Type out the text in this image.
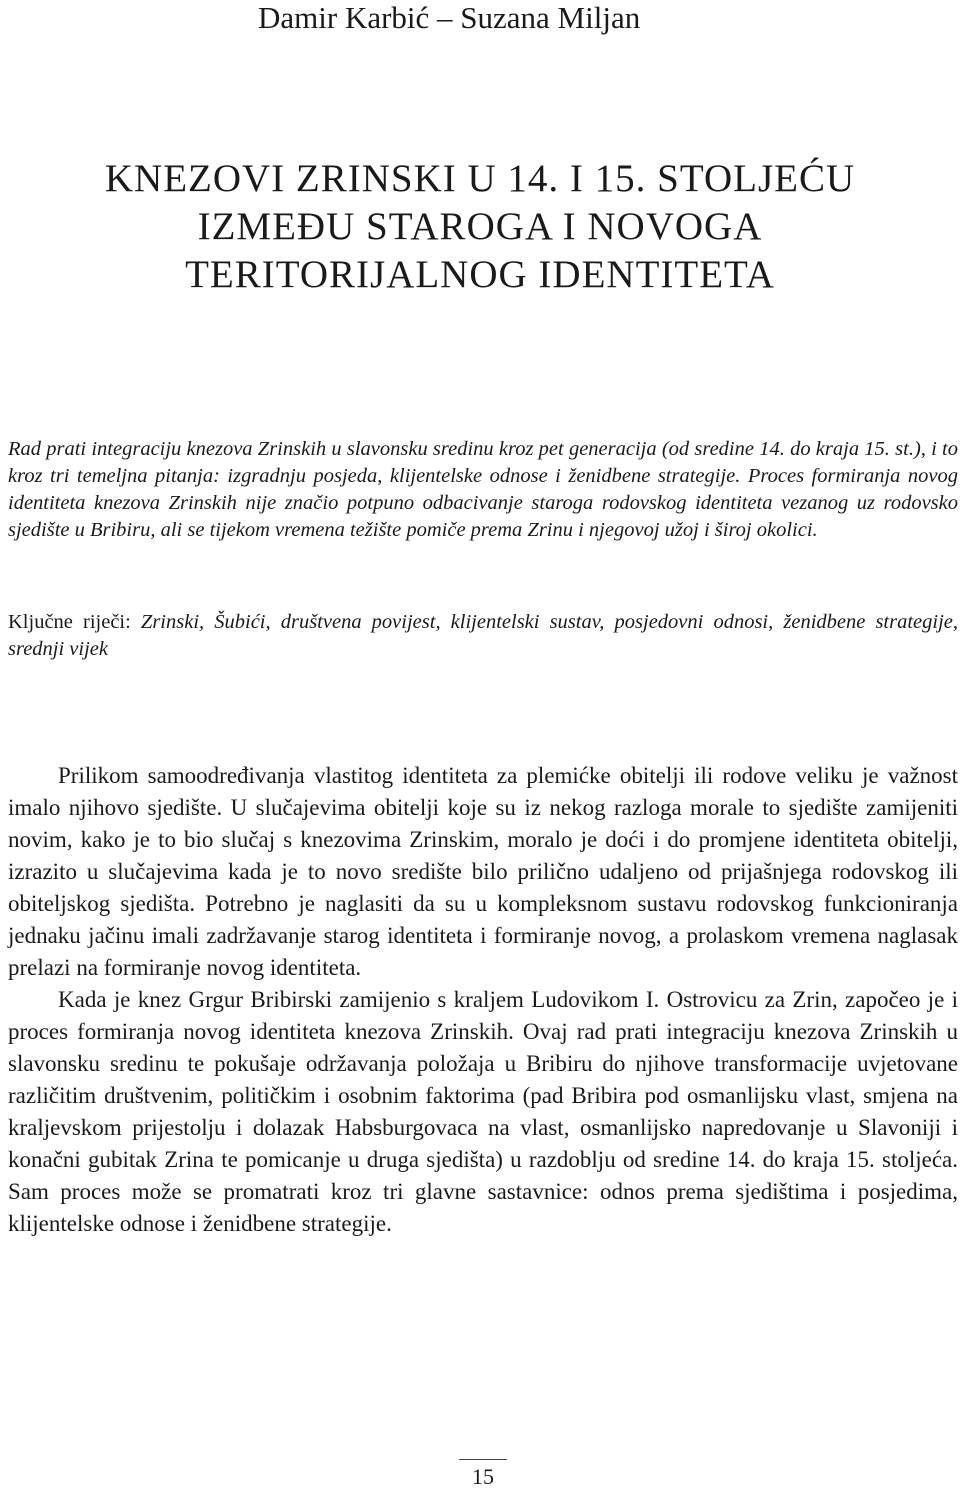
Damir Karbić – Suzana Miljan
KNEZOVI ZRINSKI U 14. I 15. STOLJEĆU
IZMEĐU STAROGA I NOVOGA
TERITORIJALNOG IDENTITETA

Rad prati integraciju knezova Zrinskih u slavonsku sredinu kroz pet generacija (od sredine 14. do kraja 15. st.), i to kroz tri temeljna pitanja: izgradnju posjeda, klijentelske odnose i ženidbene strategije. Proces formiranja novog identiteta knezova Zrinskih nije značio potpuno odbacivanje staroga rodovskog identiteta vezanog uz rodovsko sjedište u Bribiru, ali se tijekom vremena težište pomiče prema Zrinu i njegovoj užoj i široj okolici.

Ključne riječi: Zrinski, Šubići, društvena povijest, klijentelski sustav, posjedovni odnosi, ženidbene strategije, srednji vijek

Prilikom samoodređivanja vlastitog identiteta za plemićke obitelji ili rodove veliku je važnost imalo njihovo sjedište. U slučajevima obitelji koje su iz nekog razloga morale to sjedište zamijeniti novim, kako je to bio slučaj s knezovima Zrinskim, moralo je doći i do promjene identiteta obitelji, izrazito u slučajevima kada je to novo središte bilo prilično udaljeno od prijašnjega rodovskog ili obiteljskog sjedišta. Potrebno je naglasiti da su u kompleksnom sustavu rodovskog funkcioniranja jednaku jačinu imali zadržavanje starog identiteta i formiranje novog, a prolaskom vremena naglasak prelazi na formiranje novog identiteta.

Kada je knez Grgur Bribirski zamijenio s kraljem Ludovikom I. Ostrovicu za Zrin, započeo je i proces formiranja novog identiteta knezova Zrinskih. Ovaj rad prati integraciju knezova Zrinskih u slavonsku sredinu te pokušaje održavanja položaja u Bribiru do njihove transformacije uvjetovane različitim društvenim, političkim i osobnim faktorima (pad Bribira pod osmanlijsku vlast, smjena na kraljevskom prijestolju i dolazak Habsburgovaca na vlast, osmanlijsko napredovanje u Slavoniji i konačni gubitak Zrina te pomicanje u druga sjedišta) u razdoblju od sredine 14. do kraja 15. stoljeća. Sam proces može se promatrati kroz tri glavne sastavnice: odnos prema sjedištima i posjedima, klijentelske odnose i ženidbene strategije.

15
